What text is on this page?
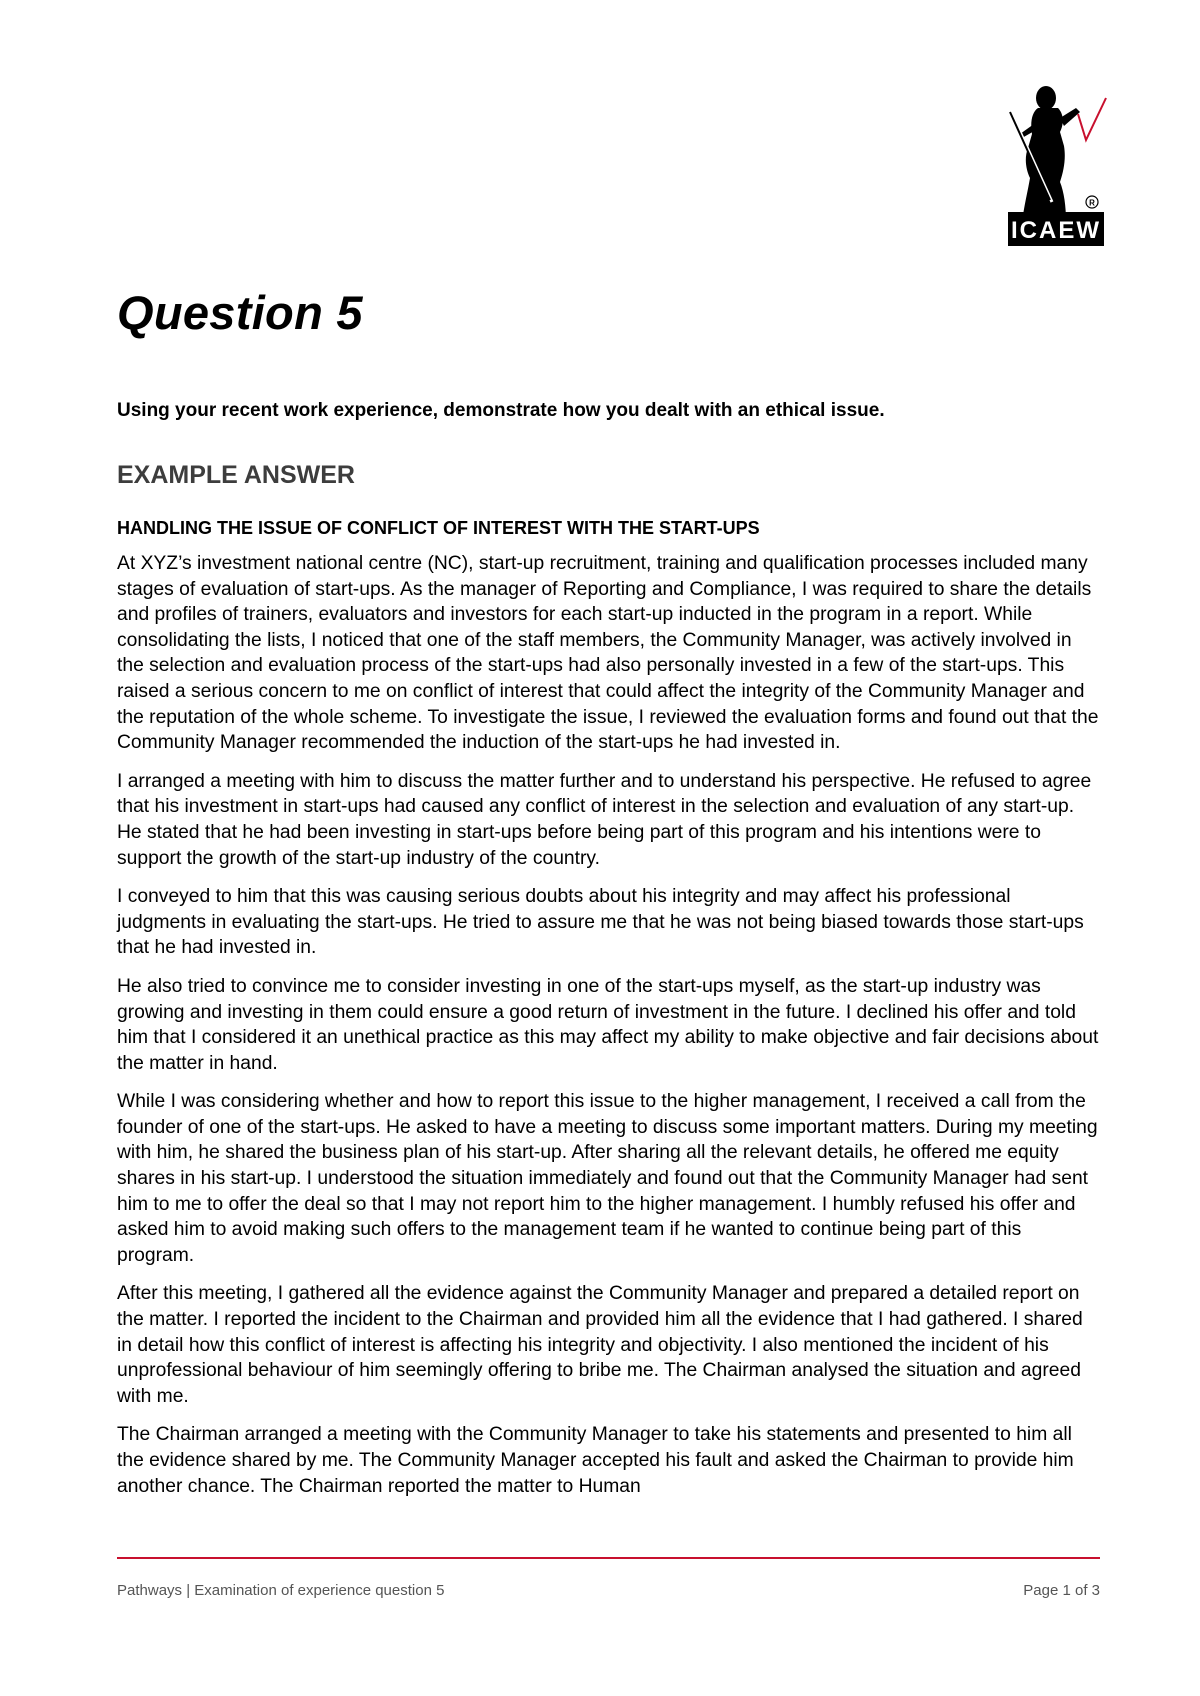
R
ICAEW
Question 5

Using your recent work experience, demonstrate how you dealt with an ethical issue.

EXAMPLE ANSWER
HANDLING THE ISSUE OF CONFLICT OF INTEREST WITH THE START-UPS

At XYZ’s investment national centre (NC), start-up recruitment, training and qualification processes included many stages of evaluation of start-ups. As the manager of Reporting and Compliance, I was required to share the details and profiles of trainers, evaluators and investors for each start-up inducted in the program in a report. While consolidating the lists, I noticed that one of the staff members, the Community Manager, was actively involved in the selection and evaluation process of the start-ups had also personally invested in a few of the start-ups. This raised a serious concern to me on conflict of interest that could affect the integrity of the Community Manager and the reputation of the whole scheme. To investigate the issue, I reviewed the evaluation forms and found out that the Community Manager recommended the induction of the start-ups he had invested in.

I arranged a meeting with him to discuss the matter further and to understand his perspective. He refused to agree that his investment in start-ups had caused any conflict of interest in the selection and evaluation of any start-up. He stated that he had been investing in start-ups before being part of this program and his intentions were to support the growth of the start-up industry of the country.

I conveyed to him that this was causing serious doubts about his integrity and may affect his professional judgments in evaluating the start-ups. He tried to assure me that he was not being biased towards those start-ups that he had invested in.

He also tried to convince me to consider investing in one of the start-ups myself, as the start-up industry was growing and investing in them could ensure a good return of investment in the future. I declined his offer and told him that I considered it an unethical practice as this may affect my ability to make objective and fair decisions about the matter in hand.

While I was considering whether and how to report this issue to the higher management, I received a call from the founder of one of the start-ups. He asked to have a meeting to discuss some important matters. During my meeting with him, he shared the business plan of his start-up. After sharing all the relevant details, he offered me equity shares in his start-up. I understood the situation immediately and found out that the Community Manager had sent him to me to offer the deal so that I may not report him to the higher management. I humbly refused his offer and asked him to avoid making such offers to the management team if he wanted to continue being part of this program.

After this meeting, I gathered all the evidence against the Community Manager and prepared a detailed report on the matter. I reported the incident to the Chairman and provided him all the evidence that I had gathered. I shared in detail how this conflict of interest is affecting his integrity and objectivity. I also mentioned the incident of his unprofessional behaviour of him seemingly offering to bribe me. The Chairman analysed the situation and agreed with me.

The Chairman arranged a meeting with the Community Manager to take his statements and presented to him all the evidence shared by me. The Community Manager accepted his fault and asked the Chairman to provide him another chance. The Chairman reported the matter to Human

Pathways | Examination of experience question 5	Page 1 of 3
